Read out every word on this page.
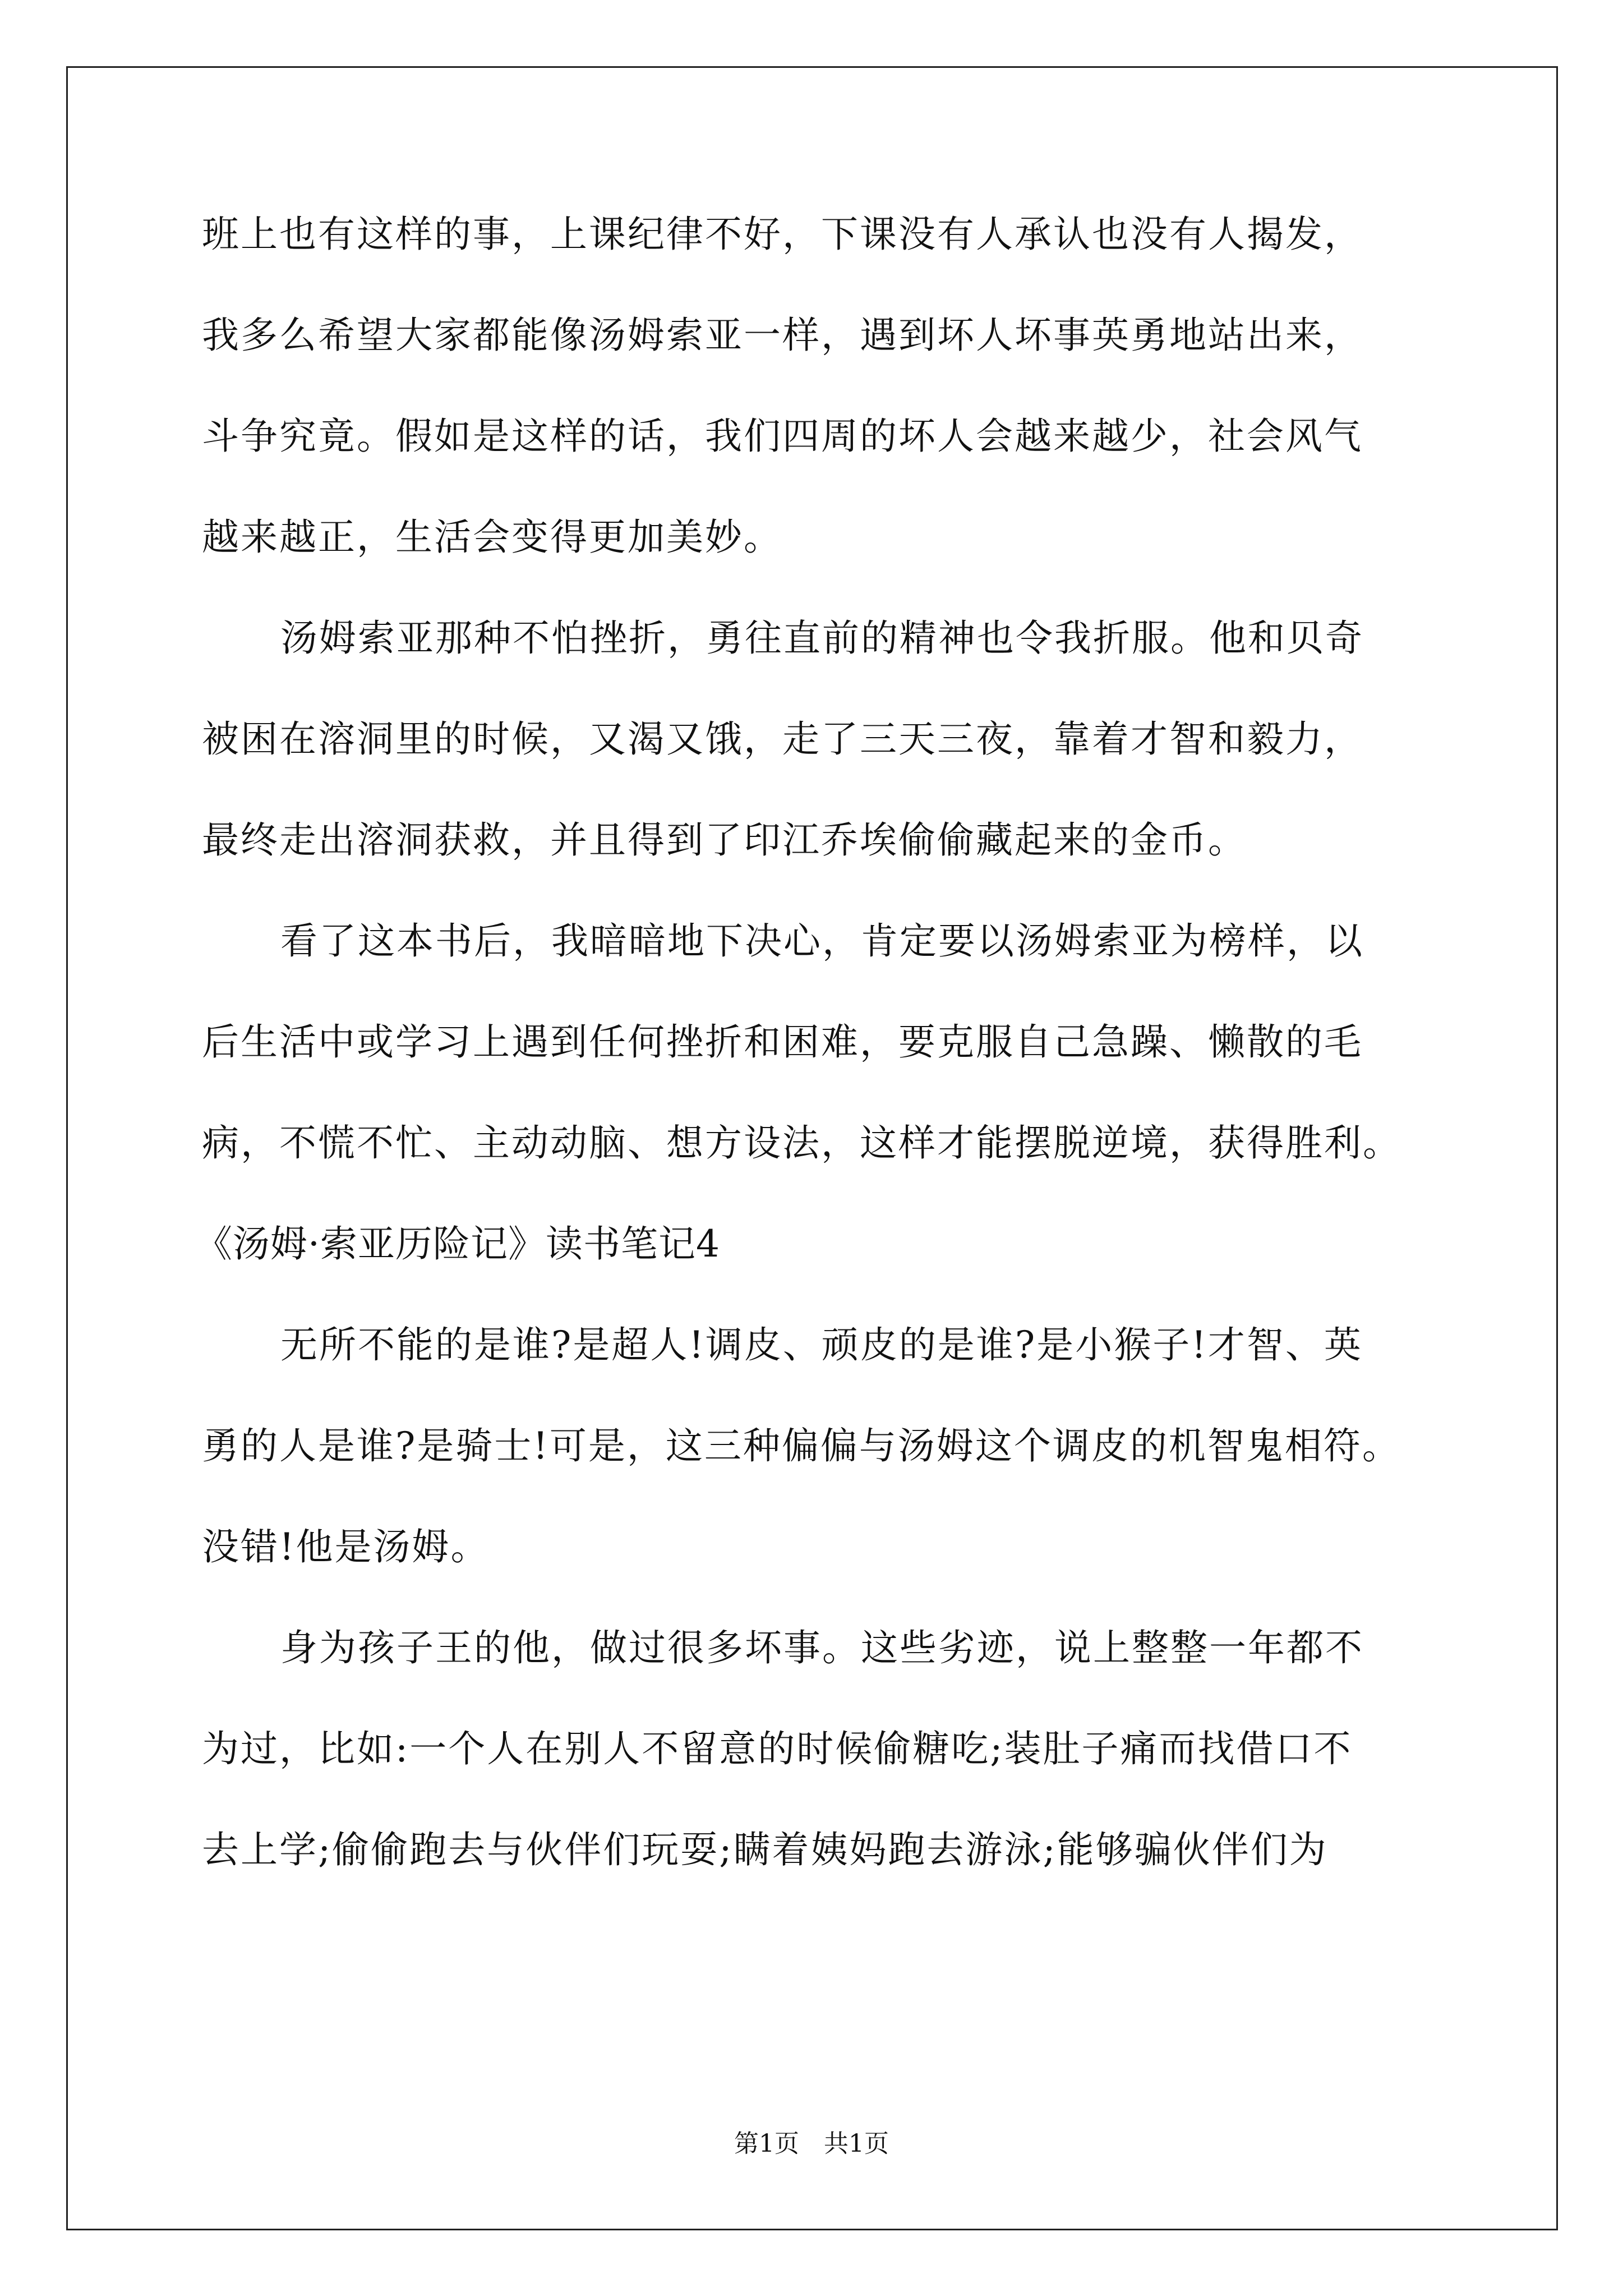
班上也有这样的事，上课纪律不好，下课没有人承认也没有人揭发，
我多么希望大家都能像汤姆索亚一样，遇到坏人坏事英勇地站出来，
斗争究竟。假如是这样的话，我们四周的坏人会越来越少，社会风气
越来越正，生活会变得更加美妙。
汤姆索亚那种不怕挫折，勇往直前的精神也令我折服。他和贝奇
被困在溶洞里的时候，又渴又饿，走了三天三夜，靠着才智和毅力，
最终走出溶洞获救，并且得到了印江乔埃偷偷藏起来的金币。
看了这本书后，我暗暗地下决心，肯定要以汤姆索亚为榜样，以
后生活中或学习上遇到任何挫折和困难，要克服自己急躁、懒散的毛
病，不慌不忙、主动动脑、想方设法，这样才能摆脱逆境，获得胜利。
《汤姆·索亚历险记》读书笔记4
无所不能的是谁?是超人!调皮、顽皮的是谁?是小猴子!才智、英
勇的人是谁?是骑士!可是，这三种偏偏与汤姆这个调皮的机智鬼相符。
没错!他是汤姆。
身为孩子王的他，做过很多坏事。这些劣迹，说上整整一年都不
为过，比如:一个人在别人不留意的时候偷糖吃;装肚子痛而找借口不
去上学;偷偷跑去与伙伴们玩耍;瞒着姨妈跑去游泳;能够骗伙伴们为
第1页　共1页
